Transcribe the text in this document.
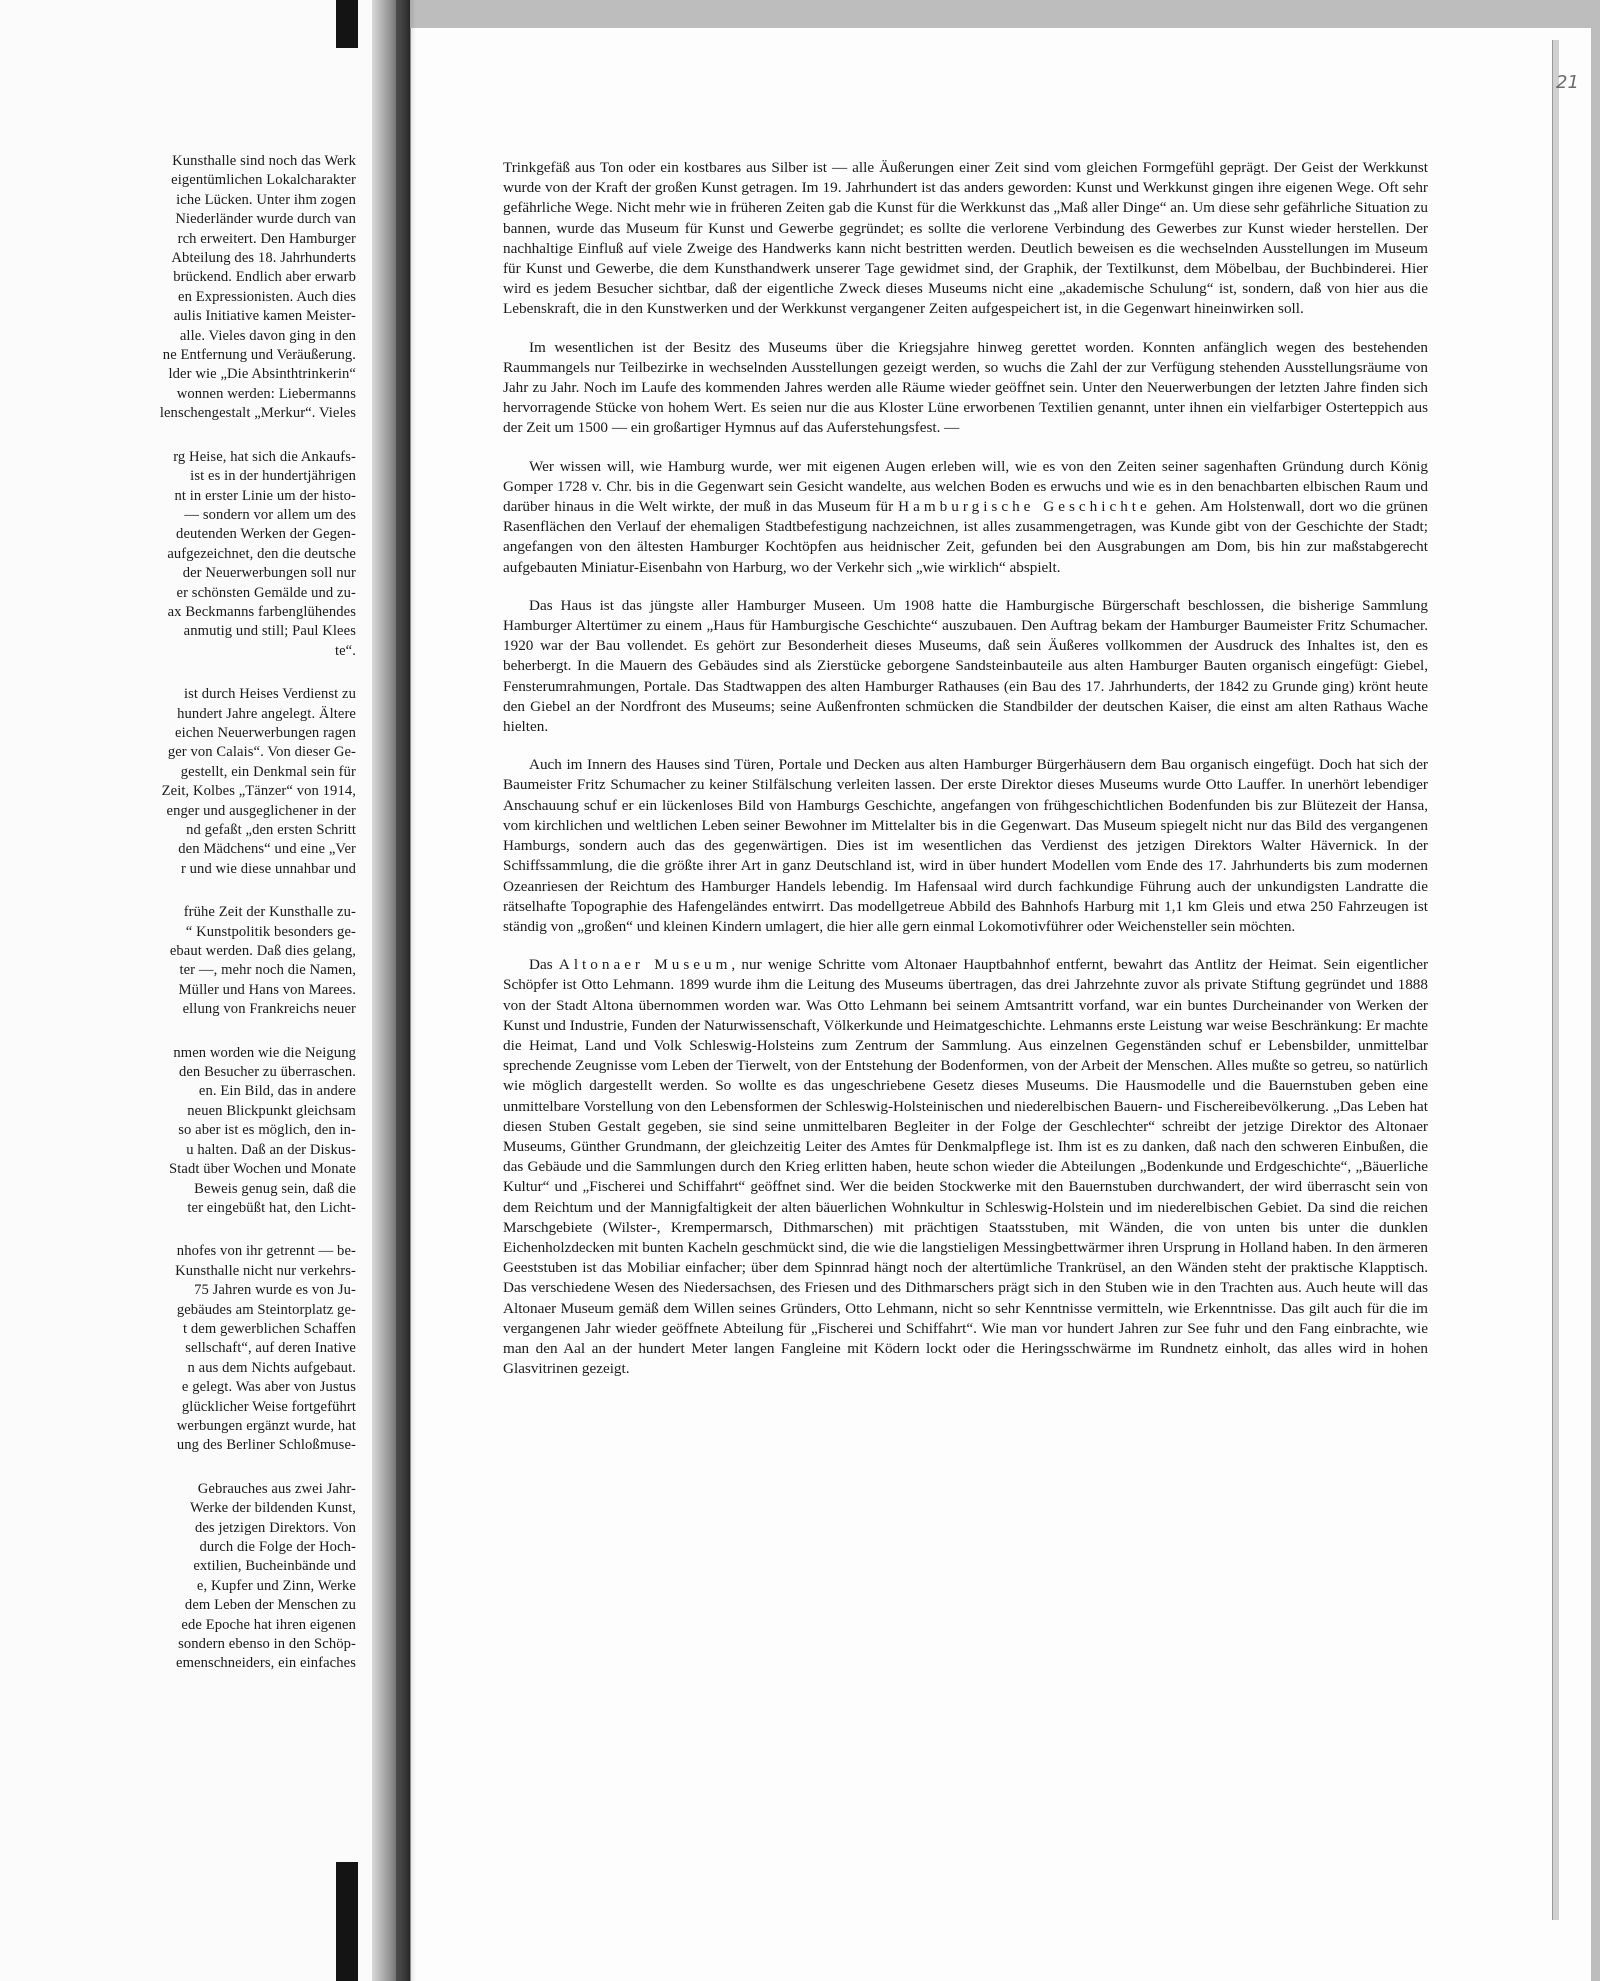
Kunsthalle sind noch das Werk
eigentümlichen Lokalcharakter
iche Lücken. Unter ihm zogen
Niederländer wurde durch van
rch erweitert. Den Hamburger
Abteilung des 18. Jahrhunderts
brückend. Endlich aber erwarb
en Expressionisten. Auch dies
aulis Initiative kamen Meister-
alle. Vieles davon ging in den
ne Entfernung und Veräußerung.
lder wie „Die Absinthtrinkerin“
wonnen werden: Liebermanns
lenschengestalt „Merkur“. Vieles
rg Heise, hat sich die Ankaufs-
ist es in der hundertjährigen
nt in erster Linie um der histo-
— sondern vor allem um des
deutenden Werken der Gegen-
aufgezeichnet, den die deutsche
der Neuerwerbungen soll nur
er schönsten Gemälde und zu-
ax Beckmanns farbenglühendes
anmutig und still; Paul Klees
te“.
ist durch Heises Verdienst zu
hundert Jahre angelegt. Ältere
eichen Neuerwerbungen ragen
ger von Calais“. Von dieser Ge-
gestellt, ein Denkmal sein für
Zeit, Kolbes „Tänzer“ von 1914,
enger und ausgeglichener in der
nd gefaßt „den ersten Schritt
den Mädchens“ und eine „Ver
r und wie diese unnahbar und
frühe Zeit der Kunsthalle zu-
“ Kunstpolitik besonders ge-
ebaut werden. Daß dies gelang,
ter —, mehr noch die Namen,
Müller und Hans von Marees.
ellung von Frankreichs neuer
nmen worden wie die Neigung
den Besucher zu überraschen.
en. Ein Bild, das in andere
neuen Blickpunkt gleichsam
so aber ist es möglich, den in-
u halten. Daß an der Diskus-
Stadt über Wochen und Monate
Beweis genug sein, daß die
ter eingebüßt hat, den Licht-
nhofes von ihr getrennt — be-
Kunsthalle nicht nur verkehrs-
75 Jahren wurde es von Ju-
gebäudes am Steintorplatz ge-
t dem gewerblichen Schaffen
sellschaft“, auf deren Inative
n aus dem Nichts aufgebaut.
e gelegt. Was aber von Justus
glücklicher Weise fortgeführt
werbungen ergänzt wurde, hat
ung des Berliner Schloßmuse-
Gebrauches aus zwei Jahr-
Werke der bildenden Kunst,
des jetzigen Direktors. Von
durch die Folge der Hoch-
extilien, Bucheinbände und
e, Kupfer und Zinn, Werke
dem Leben der Menschen zu
ede Epoche hat ihren eigenen
sondern ebenso in den Schöp-
emenschneiders, ein einfaches
21

Trinkgefäß aus Ton oder ein kostbares aus Silber ist — alle Äußerungen einer Zeit sind vom gleichen Formgefühl geprägt. Der Geist der Werkkunst wurde von der Kraft der großen Kunst getragen. Im 19. Jahrhundert ist das anders geworden: Kunst und Werkkunst gingen ihre eigenen Wege. Oft sehr gefährliche Wege. Nicht mehr wie in früheren Zeiten gab die Kunst für die Werkkunst das „Maß aller Dinge“ an. Um diese sehr gefährliche Situation zu bannen, wurde das Museum für Kunst und Gewerbe gegründet; es sollte die verlorene Verbindung des Gewerbes zur Kunst wieder herstellen. Der nachhaltige Einfluß auf viele Zweige des Handwerks kann nicht bestritten werden. Deutlich beweisen es die wechselnden Ausstellungen im Museum für Kunst und Gewerbe, die dem Kunsthandwerk unserer Tage gewidmet sind, der Graphik, der Textilkunst, dem Möbelbau, der Buchbinderei. Hier wird es jedem Besucher sichtbar, daß der eigentliche Zweck dieses Museums nicht eine „akademische Schulung“ ist, sondern, daß von hier aus die Lebenskraft, die in den Kunstwerken und der Werkkunst vergangener Zeiten aufgespeichert ist, in die Gegenwart hineinwirken soll.

Im wesentlichen ist der Besitz des Museums über die Kriegsjahre hinweg gerettet worden. Konnten anfänglich wegen des bestehenden Raummangels nur Teilbezirke in wechselnden Ausstellungen gezeigt werden, so wuchs die Zahl der zur Verfügung stehenden Ausstellungsräume von Jahr zu Jahr. Noch im Laufe des kommenden Jahres werden alle Räume wieder geöffnet sein. Unter den Neuerwerbungen der letzten Jahre finden sich hervorragende Stücke von hohem Wert. Es seien nur die aus Kloster Lüne erworbenen Textilien genannt, unter ihnen ein vielfarbiger Osterteppich aus der Zeit um 1500 — ein großartiger Hymnus auf das Auferstehungsfest. —

Wer wissen will, wie Hamburg wurde, wer mit eigenen Augen erleben will, wie es von den Zeiten seiner sagenhaften Gründung durch König Gomper 1728 v. Chr. bis in die Gegenwart sein Gesicht wandelte, aus welchen Boden es erwuchs und wie es in den benachbarten elbischen Raum und darüber hinaus in die Welt wirkte, der muß in das Museum für Hamburgische Geschichte gehen. Am Holstenwall, dort wo die grünen Rasenflächen den Verlauf der ehemaligen Stadtbefestigung nachzeichnen, ist alles zusammengetragen, was Kunde gibt von der Geschichte der Stadt; angefangen von den ältesten Hamburger Kochtöpfen aus heidnischer Zeit, gefunden bei den Ausgrabungen am Dom, bis hin zur maßstabgerecht aufgebauten Miniatur-Eisenbahn von Harburg, wo der Verkehr sich „wie wirklich“ abspielt.

Das Haus ist das jüngste aller Hamburger Museen. Um 1908 hatte die Hamburgische Bürgerschaft beschlossen, die bisherige Sammlung Hamburger Altertümer zu einem „Haus für Hamburgische Geschichte“ auszubauen. Den Auftrag bekam der Hamburger Baumeister Fritz Schumacher. 1920 war der Bau vollendet. Es gehört zur Besonderheit dieses Museums, daß sein Äußeres vollkommen der Ausdruck des Inhaltes ist, den es beherbergt. In die Mauern des Gebäudes sind als Zierstücke geborgene Sandsteinbauteile aus alten Hamburger Bauten organisch eingefügt: Giebel, Fensterumrahmungen, Portale. Das Stadtwappen des alten Hamburger Rathauses (ein Bau des 17. Jahrhunderts, der 1842 zu Grunde ging) krönt heute den Giebel an der Nordfront des Museums; seine Außenfronten schmücken die Standbilder der deutschen Kaiser, die einst am alten Rathaus Wache hielten.

Auch im Innern des Hauses sind Türen, Portale und Decken aus alten Hamburger Bürgerhäusern dem Bau organisch eingefügt. Doch hat sich der Baumeister Fritz Schumacher zu keiner Stilfälschung verleiten lassen. Der erste Direktor dieses Museums wurde Otto Lauffer. In unerhört lebendiger Anschauung schuf er ein lückenloses Bild von Hamburgs Geschichte, angefangen von frühgeschichtlichen Bodenfunden bis zur Blütezeit der Hansa, vom kirchlichen und weltlichen Leben seiner Bewohner im Mittelalter bis in die Gegenwart. Das Museum spiegelt nicht nur das Bild des vergangenen Hamburgs, sondern auch das des gegenwärtigen. Dies ist im wesentlichen das Verdienst des jetzigen Direktors Walter Hävernick. In der Schiffssammlung, die die größte ihrer Art in ganz Deutschland ist, wird in über hundert Modellen vom Ende des 17. Jahrhunderts bis zum modernen Ozeanriesen der Reichtum des Hamburger Handels lebendig. Im Hafensaal wird durch fachkundige Führung auch der unkundigsten Landratte die rätselhafte Topographie des Hafengeländes entwirrt. Das modellgetreue Abbild des Bahnhofs Harburg mit 1,1 km Gleis und etwa 250 Fahrzeugen ist ständig von „großen“ und kleinen Kindern umlagert, die hier alle gern einmal Lokomotivführer oder Weichensteller sein möchten.

Das Altonaer Museum, nur wenige Schritte vom Altonaer Hauptbahnhof entfernt, bewahrt das Antlitz der Heimat. Sein eigentlicher Schöpfer ist Otto Lehmann. 1899 wurde ihm die Leitung des Museums übertragen, das drei Jahrzehnte zuvor als private Stiftung gegründet und 1888 von der Stadt Altona übernommen worden war. Was Otto Lehmann bei seinem Amtsantritt vorfand, war ein buntes Durcheinander von Werken der Kunst und Industrie, Funden der Naturwissenschaft, Völkerkunde und Heimatgeschichte. Lehmanns erste Leistung war weise Beschränkung: Er machte die Heimat, Land und Volk Schleswig-Holsteins zum Zentrum der Sammlung. Aus einzelnen Gegenständen schuf er Lebensbilder, unmittelbar sprechende Zeugnisse vom Leben der Tierwelt, von der Entstehung der Bodenformen, von der Arbeit der Menschen. Alles mußte so getreu, so natürlich wie möglich dargestellt werden. So wollte es das ungeschriebene Gesetz dieses Museums. Die Hausmodelle und die Bauernstuben geben eine unmittelbare Vorstellung von den Lebensformen der Schleswig-Holsteinischen und niederelbischen Bauern- und Fischereibevölkerung. „Das Leben hat diesen Stuben Gestalt gegeben, sie sind seine unmittelbaren Begleiter in der Folge der Geschlechter“ schreibt der jetzige Direktor des Altonaer Museums, Günther Grundmann, der gleichzeitig Leiter des Amtes für Denkmalpflege ist. Ihm ist es zu danken, daß nach den schweren Einbußen, die das Gebäude und die Sammlungen durch den Krieg erlitten haben, heute schon wieder die Abteilungen „Bodenkunde und Erdgeschichte“, „Bäuerliche Kultur“ und „Fischerei und Schiffahrt“ geöffnet sind. Wer die beiden Stockwerke mit den Bauernstuben durchwandert, der wird überrascht sein von dem Reichtum und der Mannigfaltigkeit der alten bäuerlichen Wohnkultur in Schleswig-Holstein und im niederelbischen Gebiet. Da sind die reichen Marschgebiete (Wilster-, Krempermarsch, Dithmarschen) mit prächtigen Staatsstuben, mit Wänden, die von unten bis unter die dunklen Eichenholzdecken mit bunten Kacheln geschmückt sind, die wie die langstieligen Messingbettwärmer ihren Ursprung in Holland haben. In den ärmeren Geeststuben ist das Mobiliar einfacher; über dem Spinnrad hängt noch der altertümliche Trankrüsel, an den Wänden steht der praktische Klapptisch. Das verschiedene Wesen des Niedersachsen, des Friesen und des Dithmarschers prägt sich in den Stuben wie in den Trachten aus. Auch heute will das Altonaer Museum gemäß dem Willen seines Gründers, Otto Lehmann, nicht so sehr Kenntnisse vermitteln, wie Erkenntnisse. Das gilt auch für die im vergangenen Jahr wieder geöffnete Abteilung für „Fischerei und Schiffahrt“. Wie man vor hundert Jahren zur See fuhr und den Fang einbrachte, wie man den Aal an der hundert Meter langen Fangleine mit Ködern lockt oder die Heringsschwärme im Rundnetz einholt, das alles wird in hohen Glasvitrinen gezeigt.
